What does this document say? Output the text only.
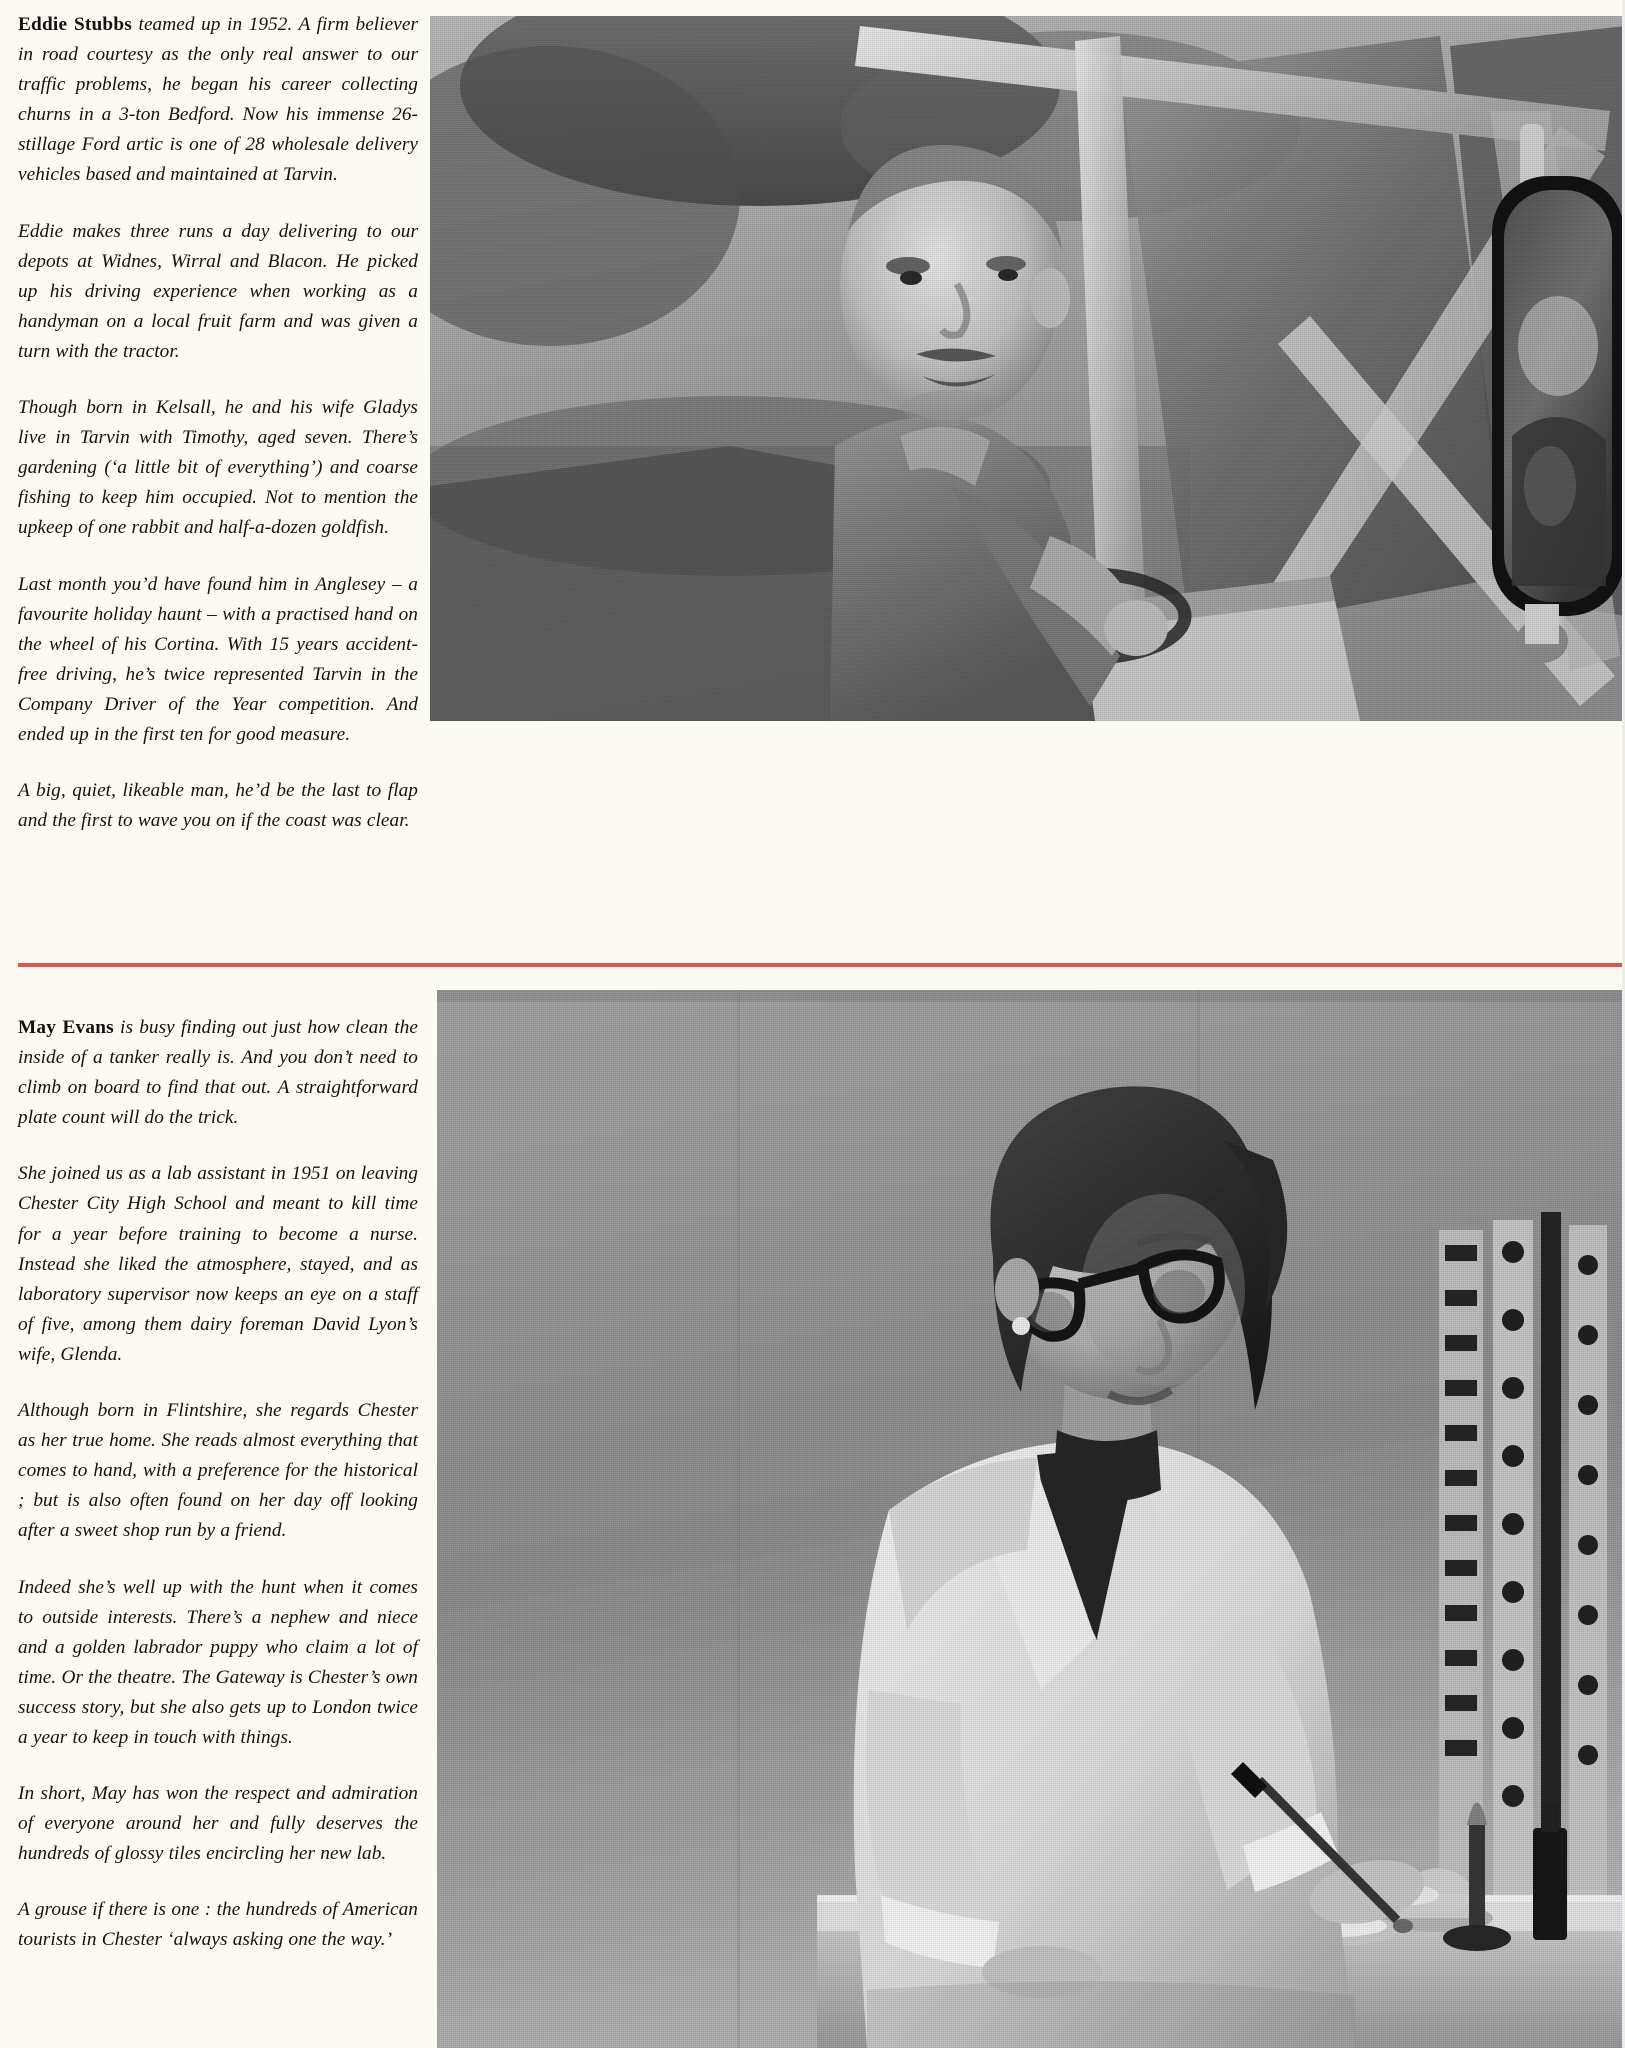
Eddie Stubbs teamed up in 1952. A firm believer in road courtesy as the only real answer to our traffic problems, he began his career collecting churns in a 3-ton Bedford. Now his immense 26-stillage Ford artic is one of 28 wholesale delivery vehicles based and maintained at Tarvin.

Eddie makes three runs a day delivering to our depots at Widnes, Wirral and Blacon. He picked up his driving experience when working as a handyman on a local fruit farm and was given a turn with the tractor.

Though born in Kelsall, he and his wife Gladys live in Tarvin with Timothy, aged seven. There’s gardening (‘a little bit of everything’) and coarse fishing to keep him occupied. Not to mention the upkeep of one rabbit and half-a-dozen goldfish.

Last month you’d have found him in Anglesey – a favourite holiday haunt – with a practised hand on the wheel of his Cortina. With 15 years accident-free driving, he’s twice represented Tarvin in the Company Driver of the Year competition. And ended up in the first ten for good measure.

A big, quiet, likeable man, he’d be the last to flap and the first to wave you on if the coast was clear.

May Evans is busy finding out just how clean the inside of a tanker really is. And you don’t need to climb on board to find that out. A straightforward plate count will do the trick.

She joined us as a lab assistant in 1951 on leaving Chester City High School and meant to kill time for a year before training to become a nurse. Instead she liked the atmosphere, stayed, and as laboratory supervisor now keeps an eye on a staff of five, among them dairy foreman David Lyon’s wife, Glenda.

Although born in Flintshire, she regards Chester as her true home. She reads almost everything that comes to hand, with a preference for the historical ; but is also often found on her day off looking after a sweet shop run by a friend.

Indeed she’s well up with the hunt when it comes to outside interests. There’s a nephew and niece and a golden labrador puppy who claim a lot of time. Or the theatre. The Gateway is Chester’s own success story, but she also gets up to London twice a year to keep in touch with things.

In short, May has won the respect and admiration of everyone around her and fully deserves the hundreds of glossy tiles encircling her new lab.

A grouse if there is one : the hundreds of American tourists in Chester ‘always asking one the way.’
